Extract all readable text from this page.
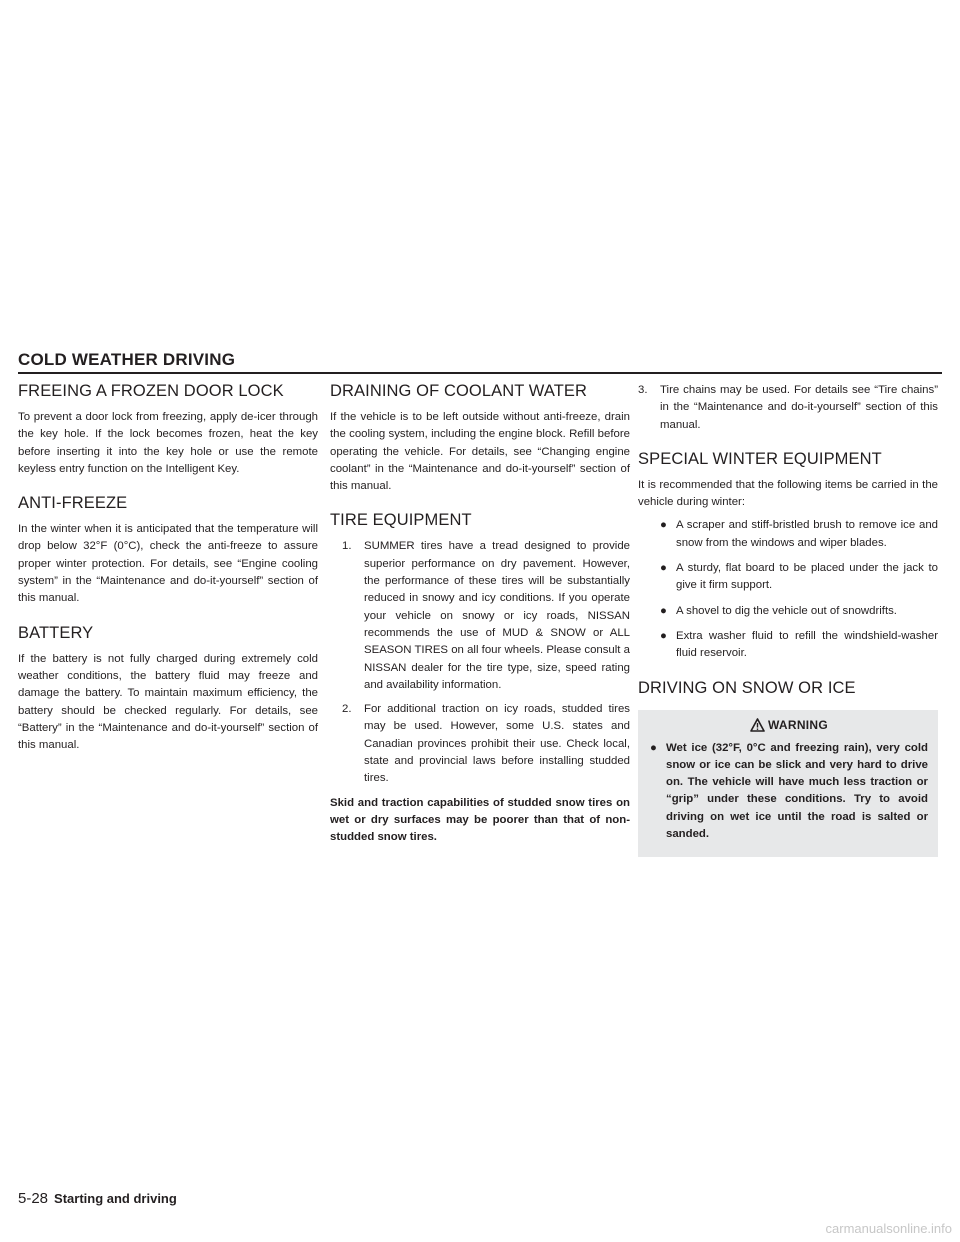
COLD WEATHER DRIVING
FREEING A FROZEN DOOR LOCK

To prevent a door lock from freezing, apply de-icer through the key hole. If the lock becomes frozen, heat the key before inserting it into the key hole or use the remote keyless entry function on the Intelligent Key.

ANTI-FREEZE

In the winter when it is anticipated that the temperature will drop below 32°F (0°C), check the anti-freeze to assure proper winter protection. For details, see “Engine cooling system” in the “Maintenance and do-it-yourself” section of this manual.

BATTERY

If the battery is not fully charged during extremely cold weather conditions, the battery fluid may freeze and damage the battery. To maintain maximum efficiency, the battery should be checked regularly. For details, see “Battery” in the “Maintenance and do-it-yourself” section of this manual.

DRAINING OF COOLANT WATER

If the vehicle is to be left outside without anti-freeze, drain the cooling system, including the engine block. Refill before operating the vehicle. For details, see “Changing engine coolant” in the “Maintenance and do-it-yourself” section of this manual.

TIRE EQUIPMENT
1. SUMMER tires have a tread designed to provide superior performance on dry pavement. However, the performance of these tires will be substantially reduced in snowy and icy conditions. If you operate your vehicle on snowy or icy roads, NISSAN recommends the use of MUD & SNOW or ALL SEASON TIRES on all four wheels. Please consult a NISSAN dealer for the tire type, size, speed rating and availability information.
2. For additional traction on icy roads, studded tires may be used. However, some U.S. states and Canadian provinces prohibit their use. Check local, state and provincial laws before installing studded tires.

Skid and traction capabilities of studded snow tires on wet or dry surfaces may be poorer than that of non-studded snow tires.

3. Tire chains may be used. For details see “Tire chains” in the “Maintenance and do-it-yourself” section of this manual.
SPECIAL WINTER EQUIPMENT

It is recommended that the following items be carried in the vehicle during winter:

● A scraper and stiff-bristled brush to remove ice and snow from the windows and wiper blades.
● A sturdy, flat board to be placed under the jack to give it firm support.
● A shovel to dig the vehicle out of snowdrifts.
● Extra washer fluid to refill the windshield-washer fluid reservoir.
DRIVING ON SNOW OR ICE
WARNING
● Wet ice (32°F, 0°C and freezing rain), very cold snow or ice can be slick and very hard to drive on. The vehicle will have much less traction or “grip” under these conditions. Try to avoid driving on wet ice until the road is salted or sanded.
5-28 Starting and driving
carmanualsonline.info
